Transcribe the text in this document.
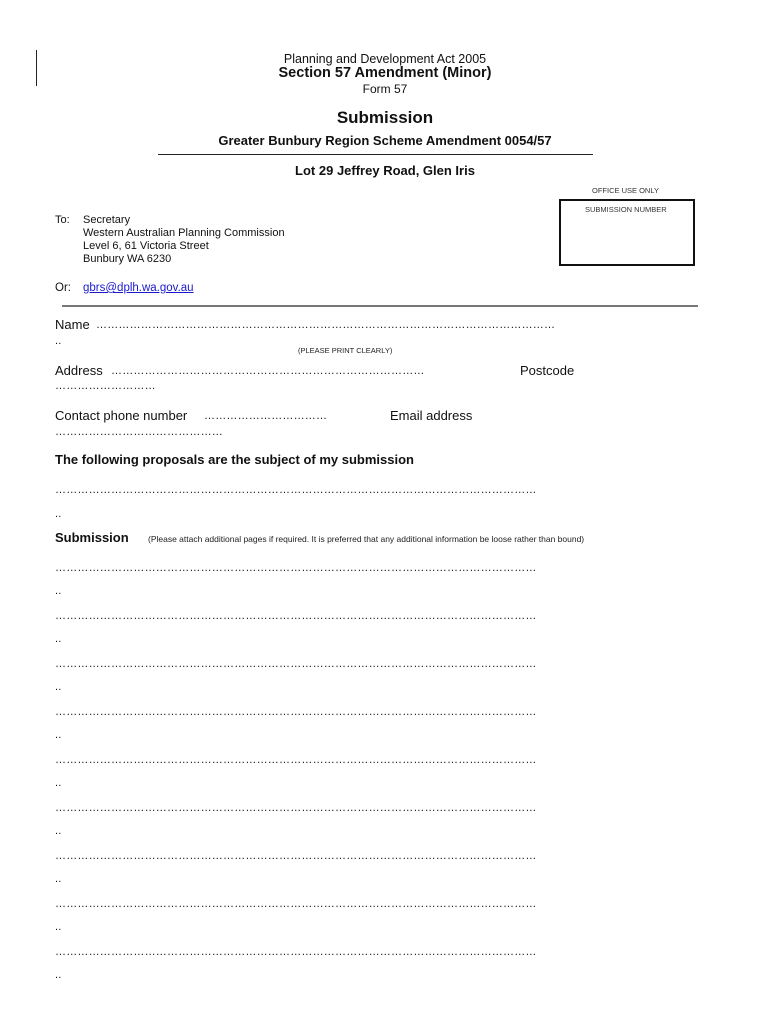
Planning and Development Act 2005
Section 57 Amendment (Minor)
Form 57
Submission
Greater Bunbury Region Scheme Amendment 0054/57
Lot 29 Jeffrey Road, Glen Iris
OFFICE USE ONLY
SUBMISSION NUMBER
To: Secretary
Western Australian Planning Commission
Level 6, 61 Victoria Street
Bunbury WA 6230
Or: gbrs@dplh.wa.gov.au
Name ……………………………………………………………………………………………………………
..
(PLEASE PRINT CLEARLY)
Address …………………………………………………………………………	Postcode
………………………
Contact phone number ……………………………	Email address
………………………………………
The following proposals are the subject of my submission
…………………………………………………………………………………………………………………
..
Submission (Please attach additional pages if required. It is preferred that any additional information be loose rather than bound)
…………………………………………………………………………………………………………………
..
…………………………………………………………………………………………………………………
..
…………………………………………………………………………………………………………………
..
…………………………………………………………………………………………………………………
..
…………………………………………………………………………………………………………………
..
…………………………………………………………………………………………………………………
..
…………………………………………………………………………………………………………………
..
…………………………………………………………………………………………………………………
..
…………………………………………………………………………………………………………………
..
